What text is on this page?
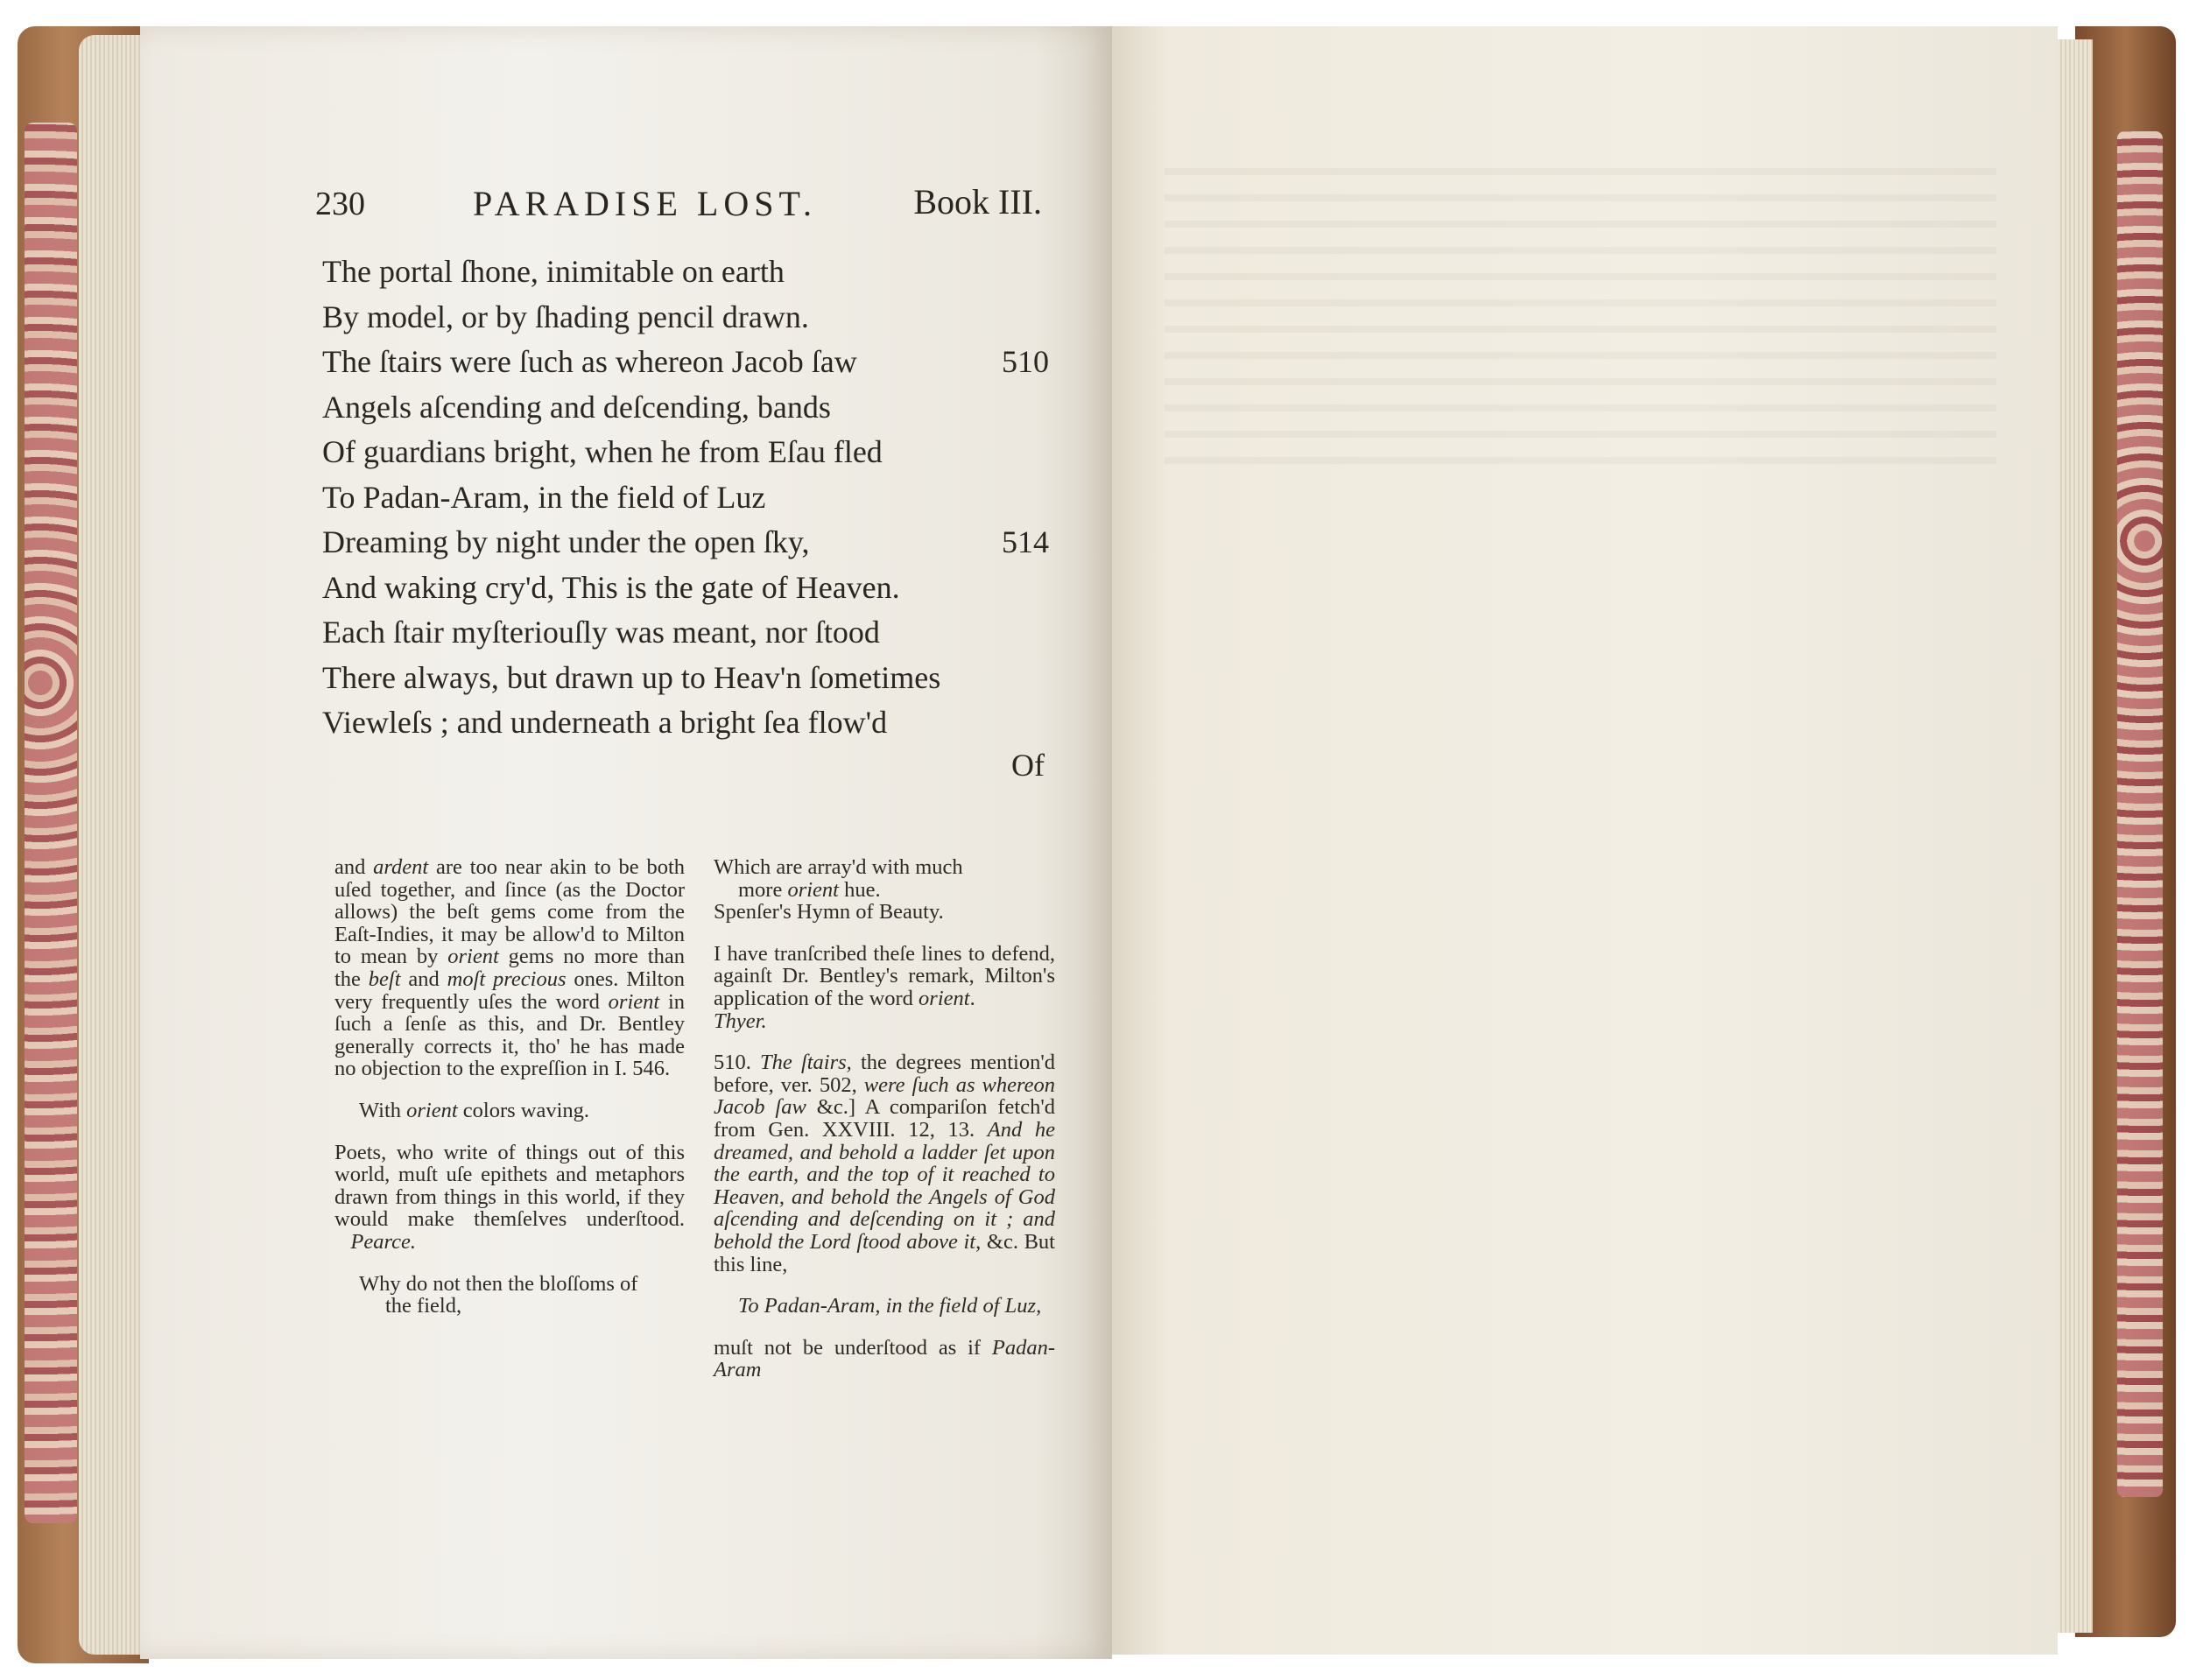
230	PARADISE LOST.	Book III.
The portal ſhone, inimitable on earth
By model, or by ſhading pencil drawn.
The ſtairs were ſuch as whereon Jacob ſaw	510
Angels aſcending and deſcending, bands
Of guardians bright, when he from Eſau fled
To Padan-Aram, in the field of Luz
Dreaming by night under the open ſky,	514
And waking cry'd, This is the gate of Heaven.
Each ſtair myſteriouſly was meant, nor ſtood
There always, but drawn up to Heav'n ſometimes
Viewleſs ; and underneath a bright ſea flow'd
Of

and ardent are too near akin to be both uſed together, and ſince (as the Doctor allows) the beſt gems come from the Eaſt-Indies, it may be allow'd to Milton to mean by orient gems no more than the beſt and moſt precious ones. Milton very frequently uſes the word orient in ſuch a ſenſe as this, and Dr. Bentley generally corrects it, tho' he has made no objection to the expreſſion in I. 546.

With orient colors waving.

Poets, who write of things out of this world, muſt uſe epithets and metaphors drawn from things in this world, if they would make themſelves underſtood.    Pearce.

Why do not then the bloſſoms of

the field,

Which are array'd with much

more orient hue.

Spenſer's Hymn of Beauty.

I have tranſcribed theſe lines to defend, againſt Dr. Bentley's remark, Milton's application of the word orient.

Thyer.

510. The ſtairs, the degrees mention'd before, ver. 502, were ſuch as whereon Jacob ſaw &c.] A compariſon fetch'd from Gen. XXVIII. 12, 13. And he dreamed, and behold a ladder ſet upon the earth, and the top of it reached to Heaven, and behold the Angels of God aſcending and deſcending on it ; and behold the Lord ſtood above it, &c. But this line,

To Padan-Aram, in the field of Luz,

muſt not be underſtood as if Padan-Aram
